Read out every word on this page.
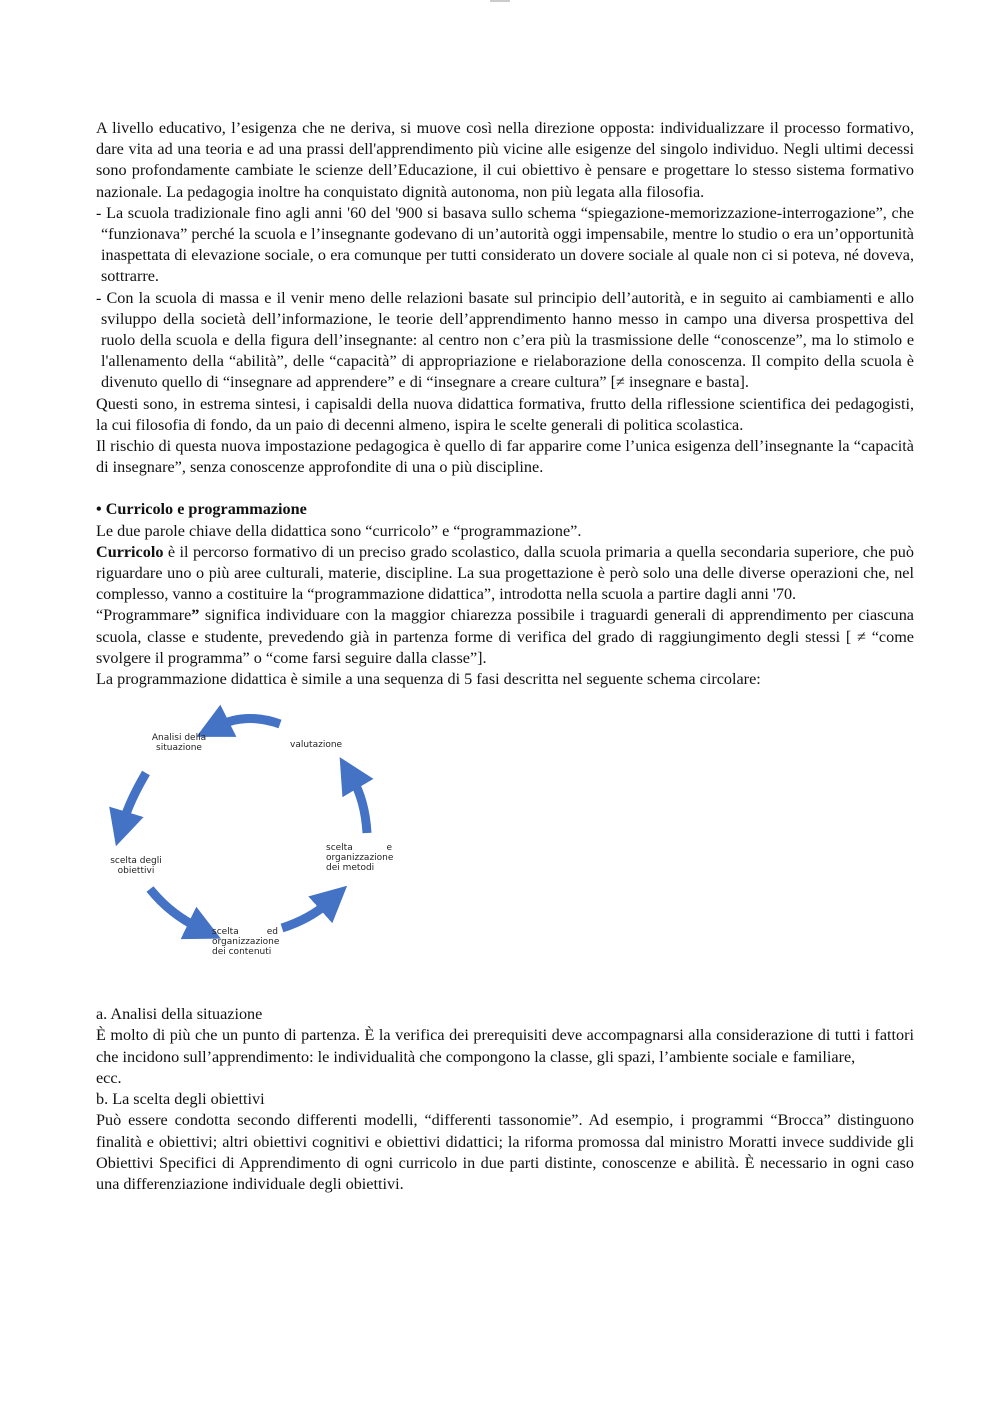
A livello educativo, l’esigenza che ne deriva, si muove così nella direzione opposta: individualizzare il processo formativo, dare vita ad una teoria e ad una prassi dell'apprendimento più vicine alle esigenze del singolo individuo. Negli ultimi decessi sono profondamente cambiate le scienze dell’Educazione, il cui obiettivo è pensare e progettare lo stesso sistema formativo nazionale. La pedagogia inoltre ha conquistato dignità autonoma, non più legata alla filosofia.

- La scuola tradizionale fino agli anni '60 del '900 si basava sullo schema “spiegazione-memorizzazione-interrogazione”, che “funzionava” perché la scuola e l’insegnante godevano di un’autorità oggi impensabile, mentre lo studio o era un’opportunità inaspettata di elevazione sociale, o era comunque per tutti considerato un dovere sociale al quale non ci si poteva, né doveva, sottrarre.

- Con la scuola di massa e il venir meno delle relazioni basate sul principio dell’autorità, e in seguito ai cambiamenti e allo sviluppo della società dell’informazione, le teorie dell’apprendimento hanno messo in campo una diversa prospettiva del ruolo della scuola e della figura dell’insegnante: al centro non c’era più la trasmissione delle “conoscenze”, ma lo stimolo e l'allenamento della “abilità”, delle “capacità” di appropriazione e rielaborazione della conoscenza. Il compito della scuola è divenuto quello di “insegnare ad apprendere” e di “insegnare a creare cultura” [≠ insegnare e basta].

Questi sono, in estrema sintesi, i capisaldi della nuova didattica formativa, frutto della riflessione scientifica dei pedagogisti, la cui filosofia di fondo, da un paio di decenni almeno, ispira le scelte generali di politica scolastica.

Il rischio di questa nuova impostazione pedagogica è quello di far apparire come l’unica esigenza dell’insegnante la “capacità di insegnare”, senza conoscenze approfondite di una o più discipline.

• Curricolo e programmazione

Le due parole chiave della didattica sono “curricolo” e “programmazione”.

Curricolo è il percorso formativo di un preciso grado scolastico, dalla scuola primaria a quella secondaria superiore, che può riguardare uno o più aree culturali, materie, discipline. La sua progettazione è però solo una delle diverse operazioni che, nel complesso, vanno a costituire la “programmazione didattica”, introdotta nella scuola a partire dagli anni '70.

“Programmare” significa individuare con la maggior chiarezza possibile i traguardi generali di apprendimento per ciascuna scuola, classe e studente, prevedendo già in partenza forme di verifica del grado di raggiungimento degli stessi [ ≠ “come svolgere il programma” o “come farsi seguire dalla classe”].

La programmazione didattica è simile a una sequenza di 5 fasi descritta nel seguente schema circolare:

Analisi della situazione	valutazione
scelta degli obiettivi
scelta e organizzazione dei metodi
scelta ed organizzazione dei contenuti

a. Analisi della situazione

È molto di più che un punto di partenza. È la verifica dei prerequisiti deve accompagnarsi alla considerazione di tutti i fattori che incidono sull’apprendimento: le individualità che compongono la classe, gli spazi, l’ambiente sociale e familiare,

ecc.

b. La scelta degli obiettivi

Può essere condotta secondo differenti modelli, “differenti tassonomie”. Ad esempio, i programmi “Brocca” distinguono finalità e obiettivi; altri obiettivi cognitivi e obiettivi didattici; la riforma promossa dal ministro Moratti invece suddivide gli Obiettivi Specifici di Apprendimento di ogni curricolo in due parti distinte, conoscenze e abilità. È necessario in ogni caso una differenziazione individuale degli obiettivi.
